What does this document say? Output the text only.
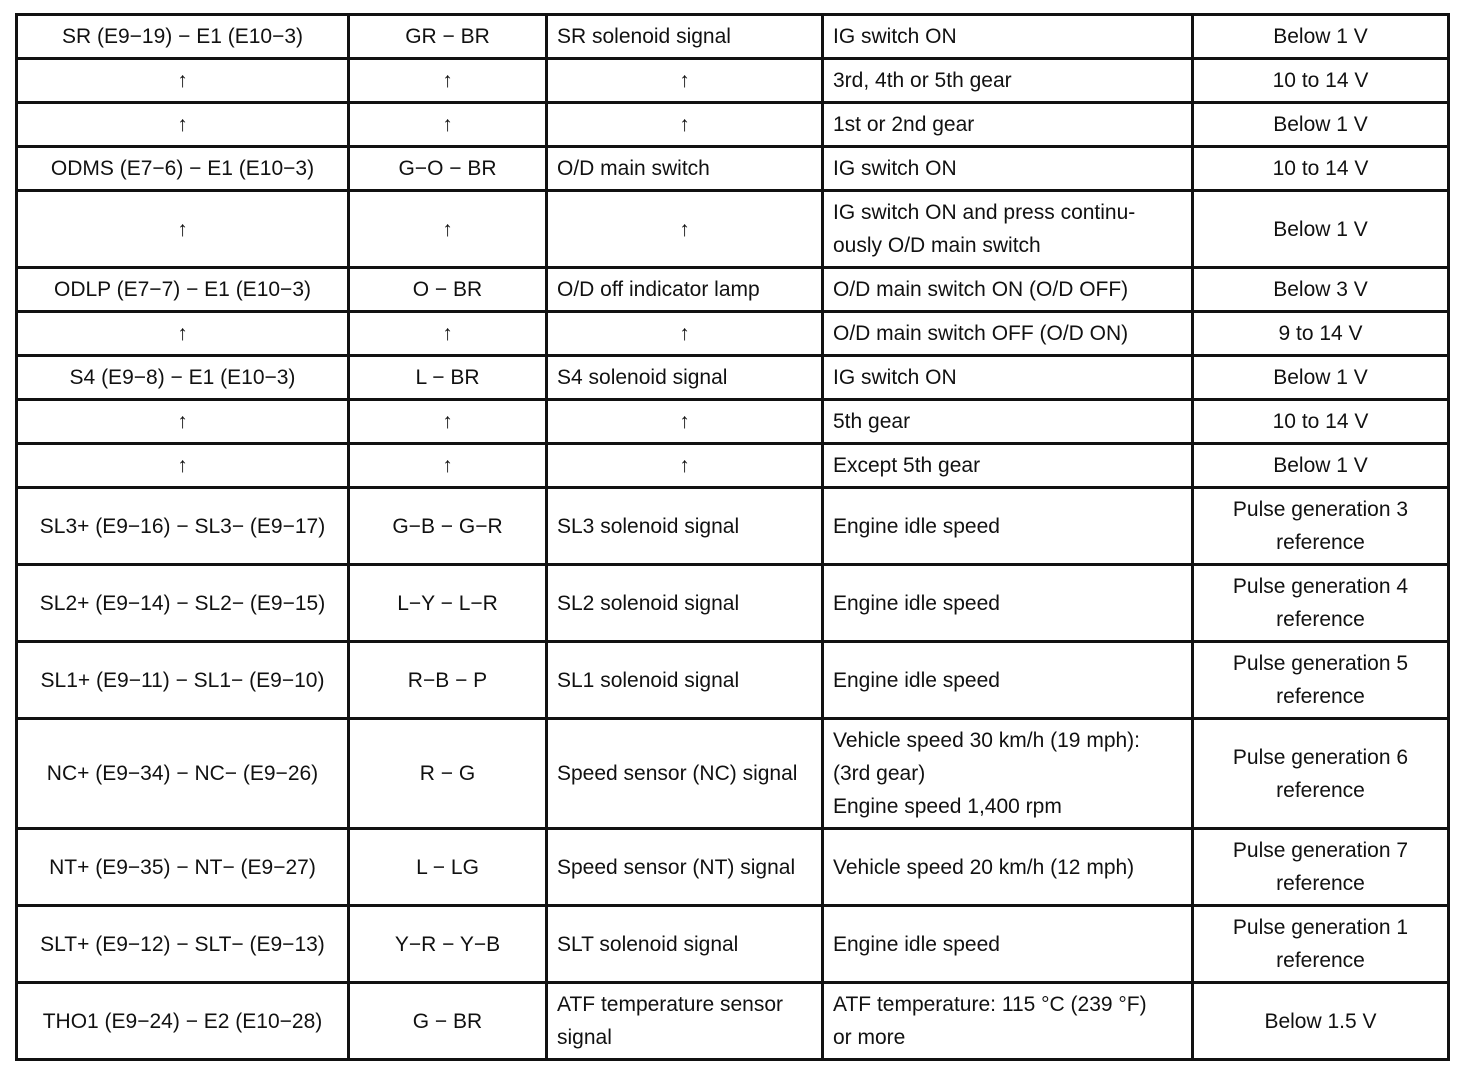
SR (E9−19) − E1 (E10−3)	GR − BR	SR solenoid signal	IG switch ON	Below 1 V
↑	↑	↑	3rd, 4th or 5th gear	10 to 14 V
↑	↑	↑	1st or 2nd gear	Below 1 V
ODMS (E7−6) − E1 (E10−3)	G−O − BR	O/D main switch	IG switch ON	10 to 14 V
↑	↑	↑	IG switch ON and press continu-
ously O/D main switch	Below 1 V
ODLP (E7−7) − E1 (E10−3)	O − BR	O/D off indicator lamp	O/D main switch ON (O/D OFF)	Below 3 V
↑	↑	↑	O/D main switch OFF (O/D ON)	9 to 14 V
S4 (E9−8) − E1 (E10−3)	L − BR	S4 solenoid signal	IG switch ON	Below 1 V
↑	↑	↑	5th gear	10 to 14 V
↑	↑	↑	Except 5th gear	Below 1 V
SL3+ (E9−16) − SL3− (E9−17)	G−B − G−R	SL3 solenoid signal	Engine idle speed	Pulse generation 3
reference
SL2+ (E9−14) − SL2− (E9−15)	L−Y − L−R	SL2 solenoid signal	Engine idle speed	Pulse generation 4
reference
SL1+ (E9−11) − SL1− (E9−10)	R−B − P	SL1 solenoid signal	Engine idle speed	Pulse generation 5
reference
NC+ (E9−34) − NC− (E9−26)	R − G	Speed sensor (NC) signal	Vehicle speed 30 km/h (19 mph):
(3rd gear)
Engine speed 1,400 rpm	Pulse generation 6
reference
NT+ (E9−35) − NT− (E9−27)	L − LG	Speed sensor (NT) signal	Vehicle speed 20 km/h (12 mph)	Pulse generation 7
reference
SLT+ (E9−12) − SLT− (E9−13)	Y−R − Y−B	SLT solenoid signal	Engine idle speed	Pulse generation 1
reference
THO1 (E9−24) − E2 (E10−28)	G − BR	ATF temperature sensor
signal	ATF temperature: 115 °C (239 °F)
or more	Below 1.5 V
